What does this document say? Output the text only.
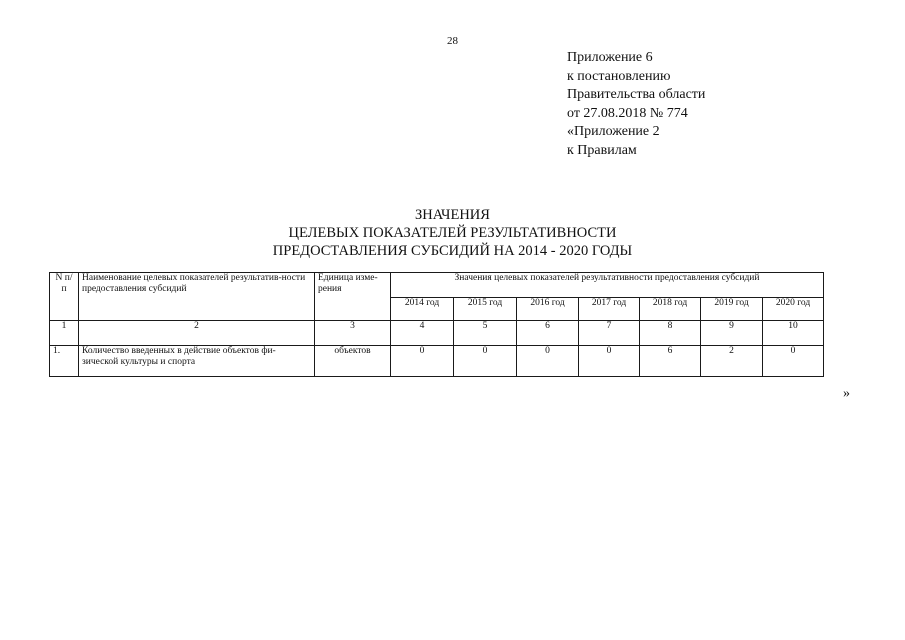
28
Приложение 6
к постановлению
Правительства области
от 27.08.2018 № 774
«Приложение 2
к Правилам
ЗНАЧЕНИЯ
ЦЕЛЕВЫХ ПОКАЗАТЕЛЕЙ РЕЗУЛЬТАТИВНОСТИ
ПРЕДОСТАВЛЕНИЯ СУБСИДИЙ НА 2014 - 2020 ГОДЫ
N п/п	Наименование целевых показателей результатив-ности предоставления субсидий	Единица изме-рения	Значения целевых показателей результативности предоставления субсидий						
			2014 год	2015 год	2016 год	2017 год	2018 год	2019 год	2020 год
1	2	3	4	5	6	7	8	9	10
1.	Количество введенных в действие объектов фи-зической культуры и спорта	объектов	0	0	0	0	6	2	0
»
